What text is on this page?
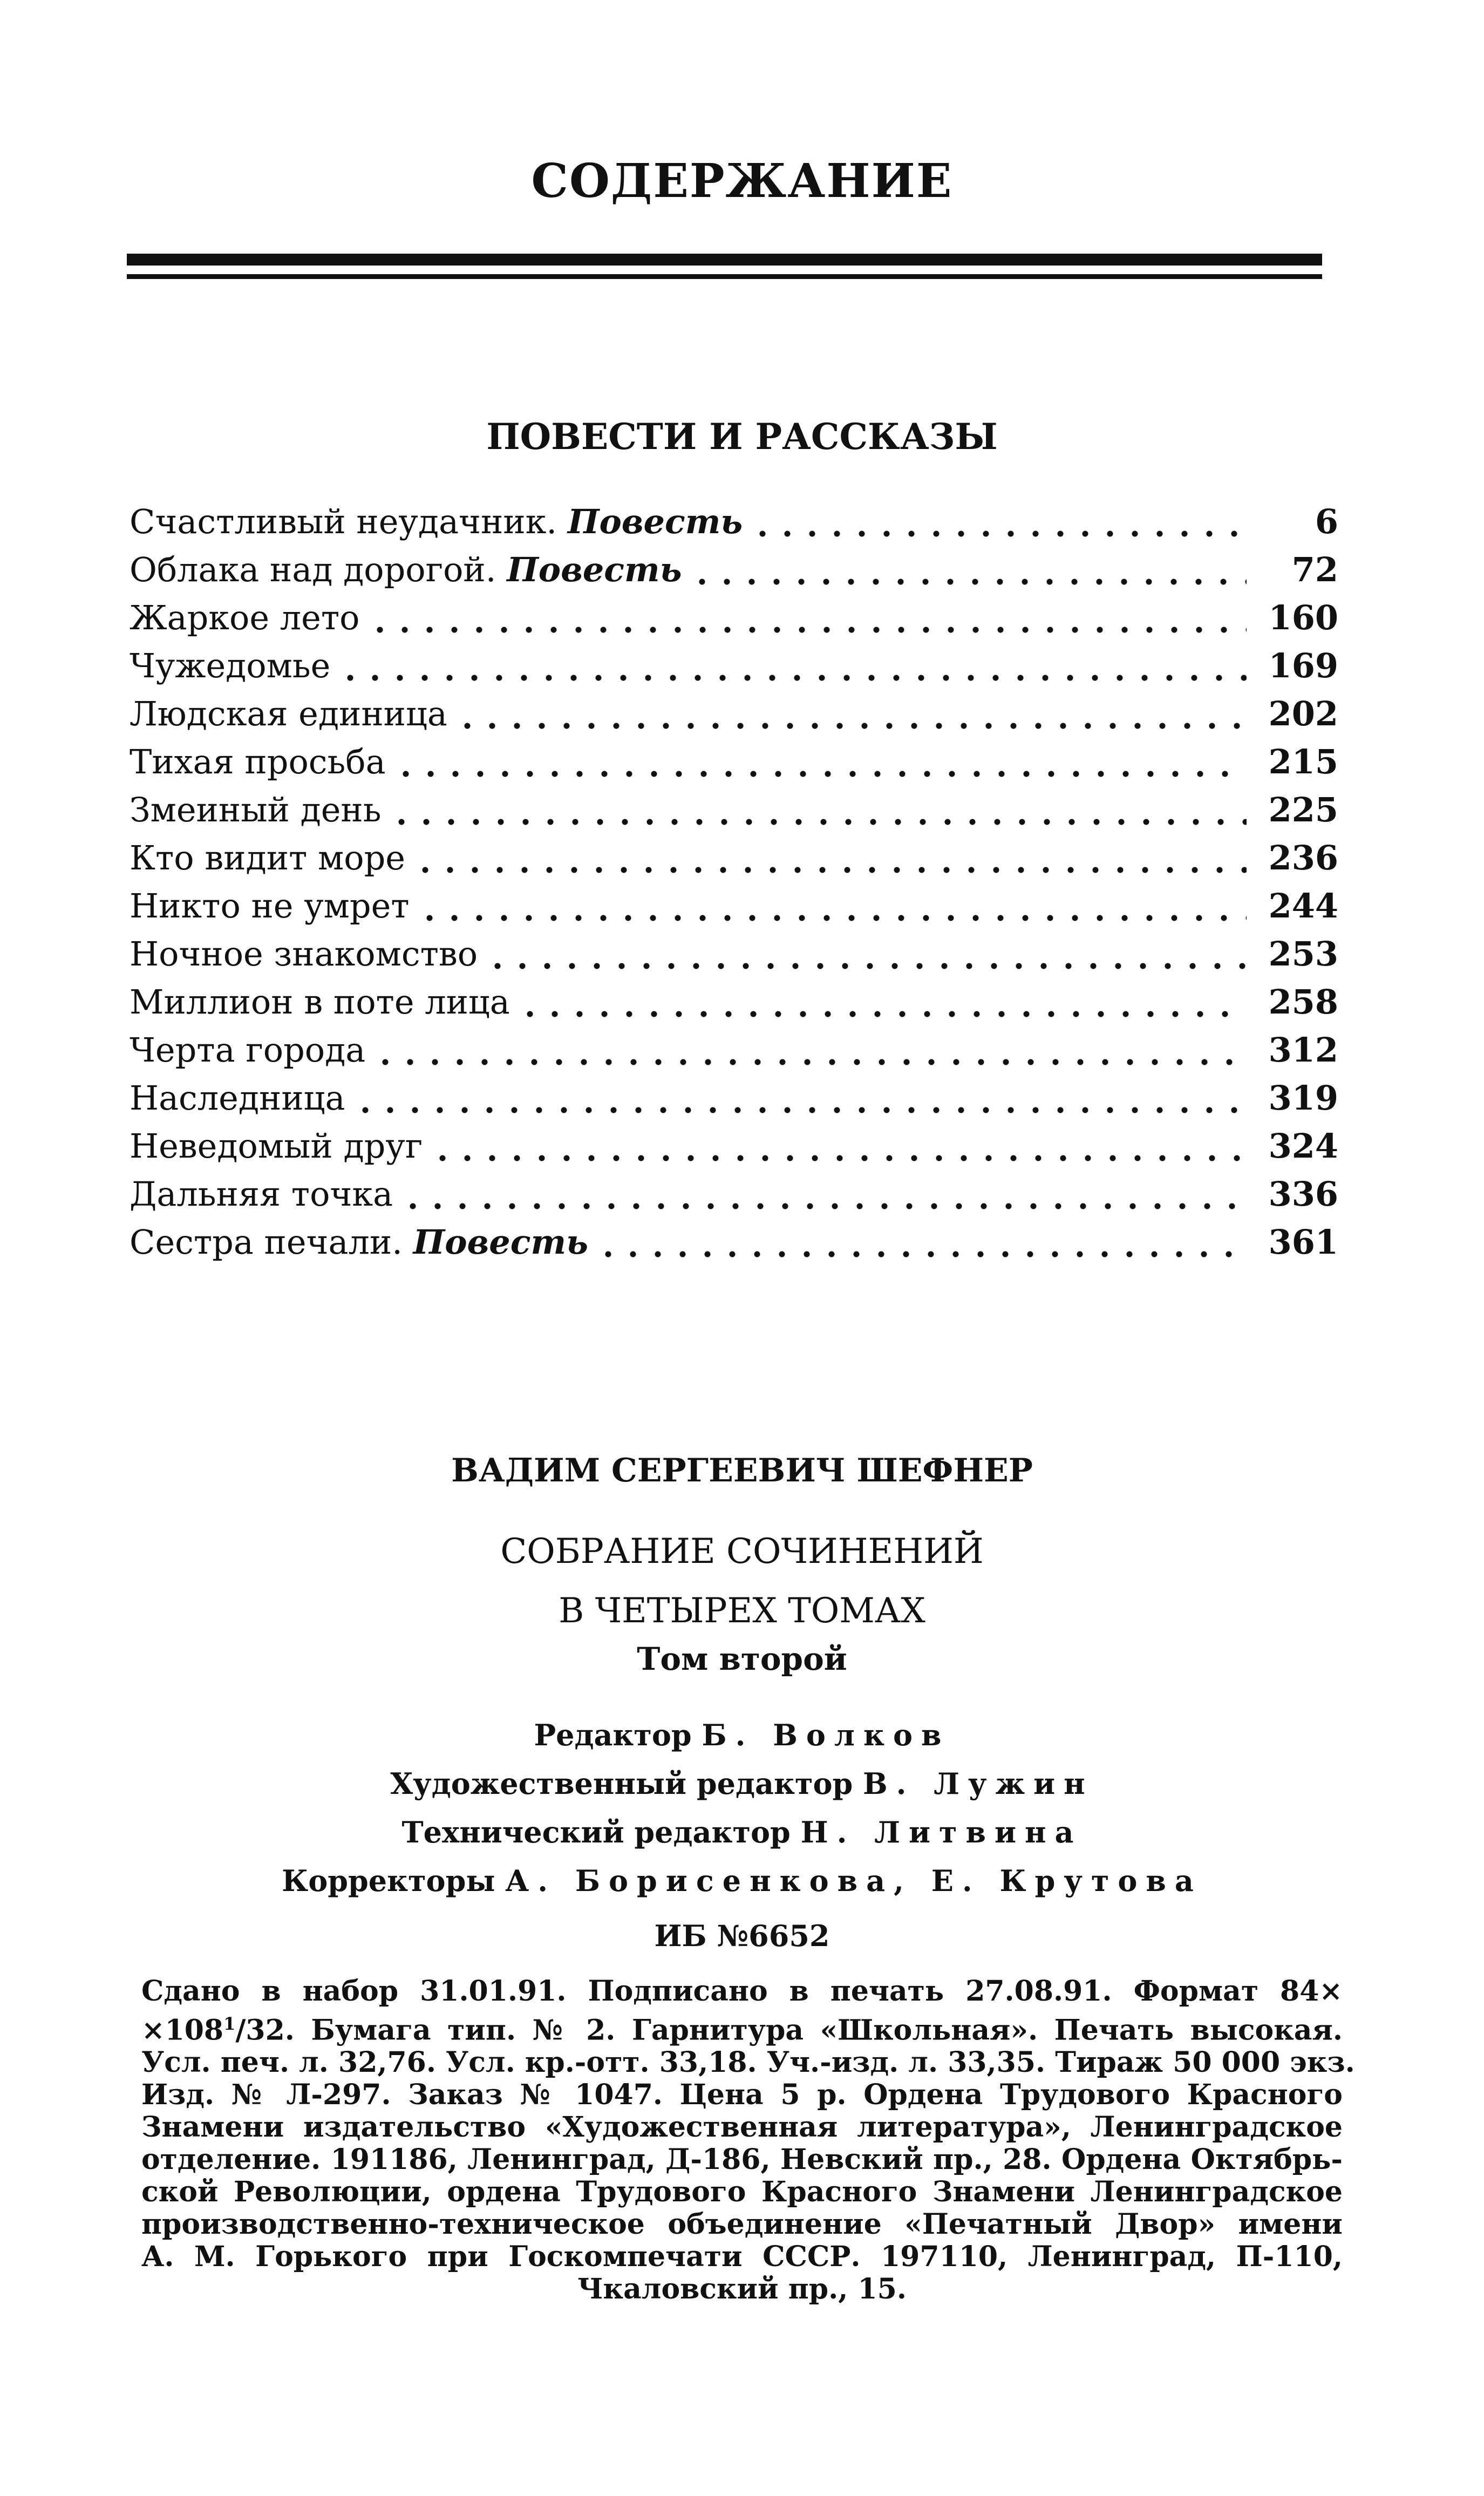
СОДЕРЖАНИЕ
ПОВЕСТИ И РАССКАЗЫ
Счастливый неудачник. Повесть	6
Облака над дорогой. Повесть	72
Жаркое лето	160
Чужедомье	169
Людская единица	202
Тихая просьба	215
Змеиный день	225
Кто видит море	236
Никто не умрет	244
Ночное знакомство	253
Миллион в поте лица	258
Черта города	312
Наследница	319
Неведомый друг	324
Дальняя точка	336
Сестра печали. Повесть	361
ВАДИМ СЕРГЕЕВИЧ ШЕФНЕР

СОБРАНИЕ СОЧИНЕНИЙ
В ЧЕТЫРЕХ ТОМАХ

Том второй

Редактор Б. Волков
Художественный редактор В. Лужин
Технический редактор Н. Литвина
Корректоры А. Борисенкова, Е. Крутова

ИБ №6652

Сдано в набор 31.01.91. Подписано в печать 27.08.91. Формат 84×
$\times 108^1/32$. Бумага тип. № 2. Гарнитура «Школьная». Печать высокая.
Усл. печ. л. 32,76. Усл. кр.-отт. 33,18. Уч.-изд. л. 33,35. Тираж 50 000 экз.
Изд. № Л-297. Заказ № 1047. Цена 5 р. Ордена Трудового Красного
Знамени издательство «Художественная литература», Ленинградское
отделение. 191186, Ленинград, Д-186, Невский пр., 28. Ордена Октябрь-
ской Революции, ордена Трудового Красного Знамени Ленинградское
производственно-техническое объединение «Печатный Двор» имени
А. М. Горького при Госкомпечати СССР. 197110, Ленинград, П-110,
Чкаловский пр., 15.
